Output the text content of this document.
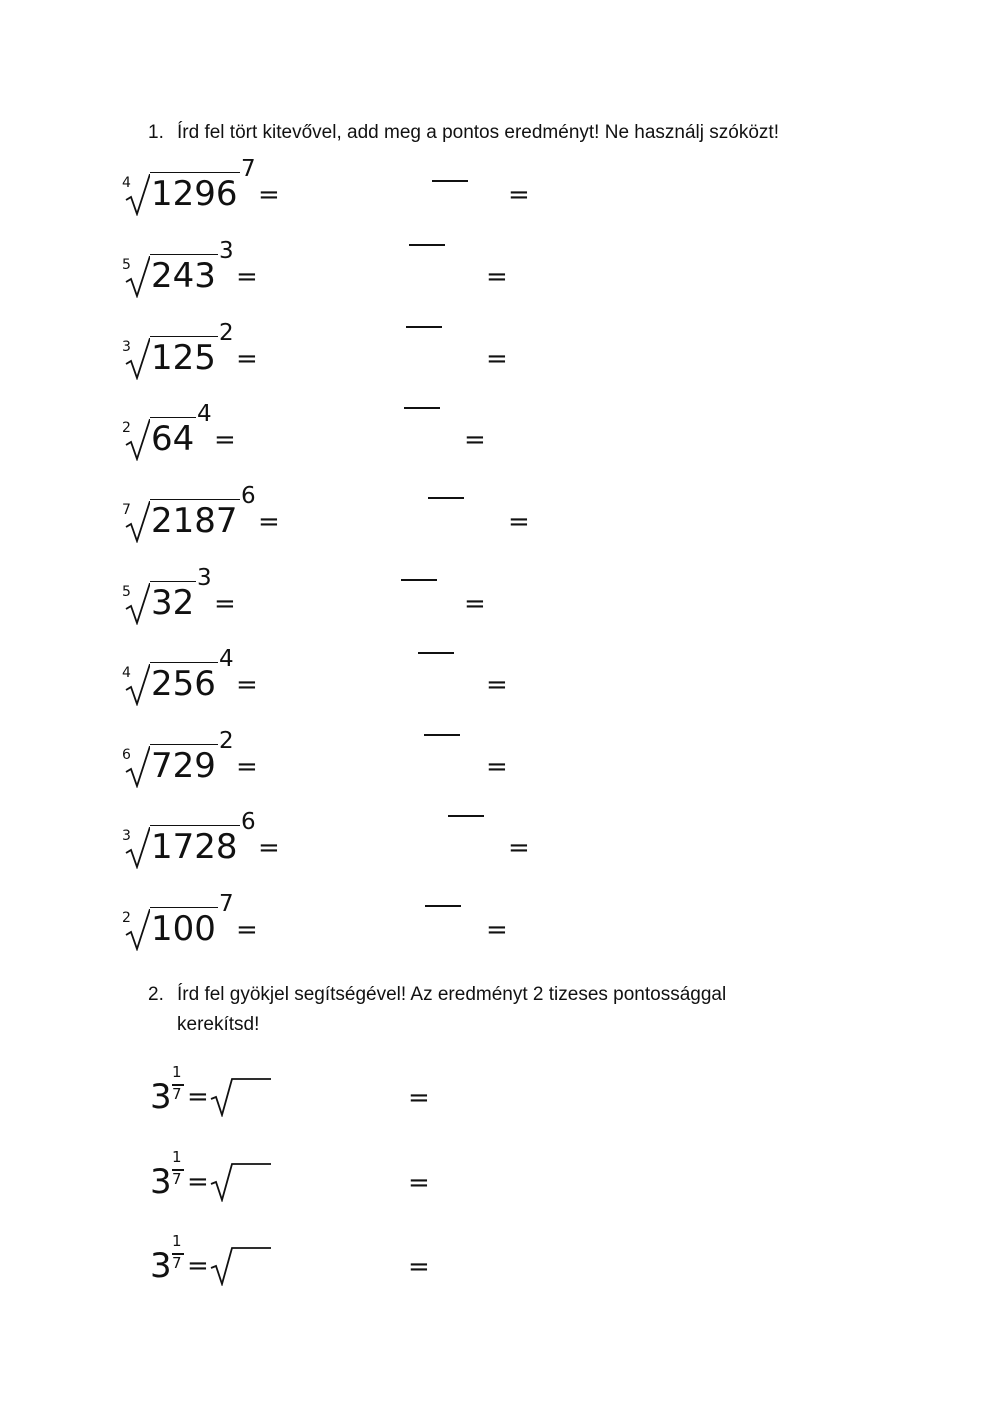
1. Írd fel tört kitevővel, add meg a pontos eredményt! Ne használj szóközt!
4 1296
7
=	=
5 243
3
=	=
3 125
2
=	=
2 64
4
=	=
7 2187
6
=	=
5 32
3
=	=
4 256
4
=	=
6 729
2
=	=
3 1728
6
=	=
2 100
7
=	=
2. Írd fel gyökjel segítségével! Az eredményt 2 tizeses pontossággal
kerekítsd!
3
1
7 =	=
3
1
7 =	=
3
1
7 =	=
